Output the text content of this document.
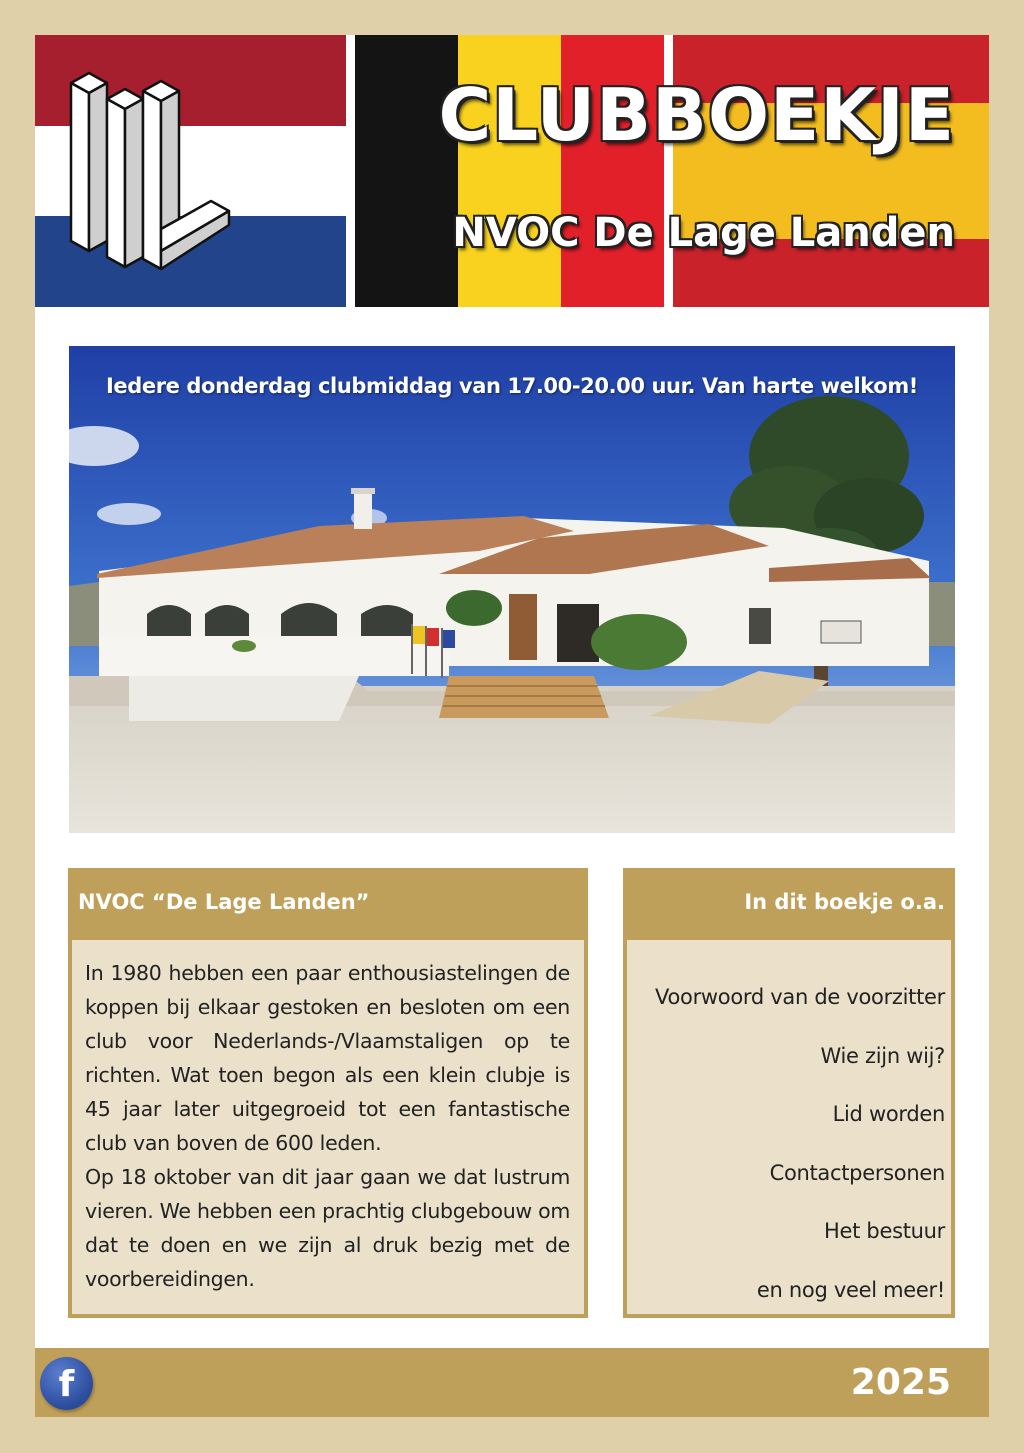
CLUBBOEKJE
NVOC De Lage Landen
Iedere donderdag clubmiddag van 17.00-20.00 uur. Van harte welkom!
NVOC “De Lage Landen”

In 1980 hebben een paar enthousiastelingen de koppen bij elkaar gestoken en besloten om een club voor Nederlands-/Vlaamstaligen op te richten. Wat toen begon als een klein clubje is 45 jaar later uitgegroeid tot een fantastische club van boven de 600 leden.

Op 18 oktober van dit jaar gaan we dat lustrum vieren. We hebben een prachtig clubgebouw om dat te doen en we zijn al druk bezig met de voorbereidingen.

In dit boekje o.a.
Voorwoord van de voorzitter
Wie zijn wij?
Lid worden
Contactpersonen
Het bestuur
en nog veel meer!
f	2025
